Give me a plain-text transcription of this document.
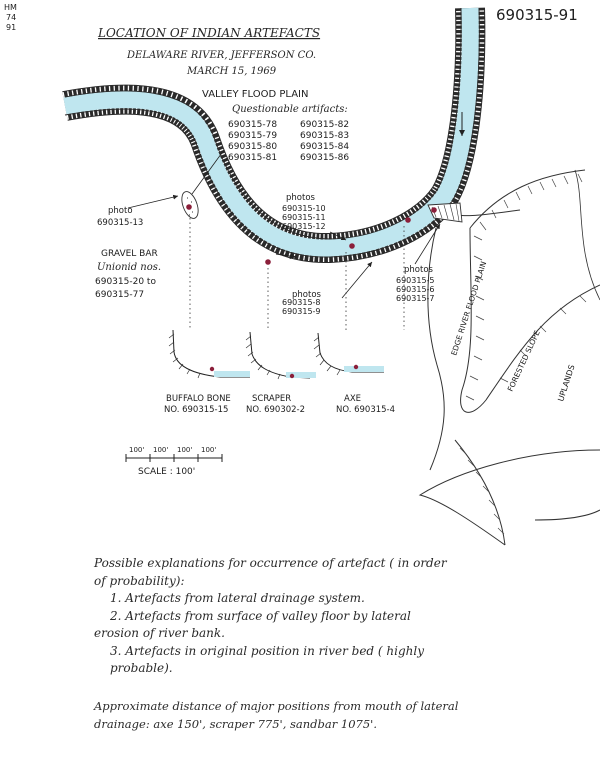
690315-91
HM
74
91	LOCATION OF INDIAN ARTEFACTS
DELAWARE RIVER, JEFFERSON CO.
MARCH 15, 1969
VALLEY FLOOD PLAIN
EDGE RIVER FLOOD PLAIN
FORESTED SLOPE UPLANDS
Questionable artifacts:
690315-78
690315-79
690315-80
690315-81
690315-82
690315-83
690315-84
690315-86
photo
690315-13
photos
690315-10
690315-11
690315-12
photos
690315-5
690315-6
690315-7
photos
690315-8
690315-9
GRAVEL BAR
Unionid nos.
690315-20 to
690315-77
BUFFALO BONE
NO. 690315-15
SCRAPER
NO. 690302-2
AXE
NO. 690315-4
100' 100' 100' 100'
SCALE : 100'
Possible explanations for occurrence of artefact ( in order
of probability):
1. Artefacts from lateral drainage system.
2. Artefacts from surface of valley floor by lateral
erosion of river bank.
3. Artefacts in original position in river bed ( highly
probable).
Approximate distance of major positions from mouth of lateral
drainage: axe 150', scraper 775', sandbar 1075'.
